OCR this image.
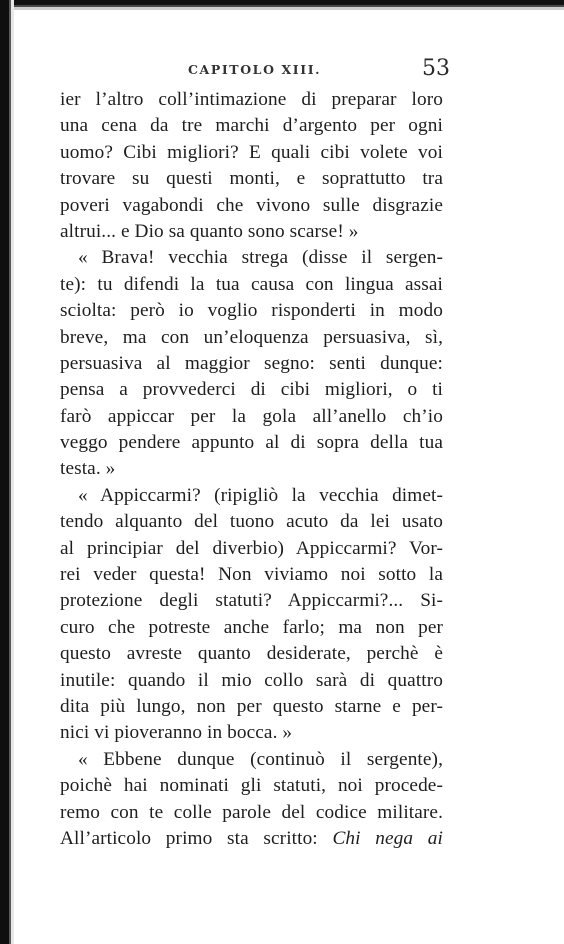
CAPITOLO XIII.	53
ier l’altro coll’intimazione di preparar loro
una cena da tre marchi d’argento per ogni
uomo? Cibi migliori? E quali cibi volete voi
trovare su questi monti, e soprattutto tra
poveri vagabondi che vivono sulle disgrazie
altrui... e Dio sa quanto sono scarse! »
« Brava! vecchia strega (disse il sergen-
te): tu difendi la tua causa con lingua assai
sciolta: però io voglio risponderti in modo
breve, ma con un’eloquenza persuasiva, sì,
persuasiva al maggior segno: senti dunque:
pensa a provvederci di cibi migliori, o ti
farò appiccar per la gola all’anello ch’io
veggo pendere appunto al di sopra della tua
testa. »
« Appiccarmi? (ripigliò la vecchia dimet-
tendo alquanto del tuono acuto da lei usato
al principiar del diverbio) Appiccarmi? Vor-
rei veder questa! Non viviamo noi sotto la
protezione degli statuti? Appiccarmi?... Si-
curo che potreste anche farlo; ma non per
questo avreste quanto desiderate, perchè è
inutile: quando il mio collo sarà di quattro
dita più lungo, non per questo starne e per-
nici vi pioveranno in bocca. »
« Ebbene dunque (continuò il sergente),
poichè hai nominati gli statuti, noi procede-
remo con te colle parole del codice militare.
All’articolo primo sta scritto: Chi nega ai
